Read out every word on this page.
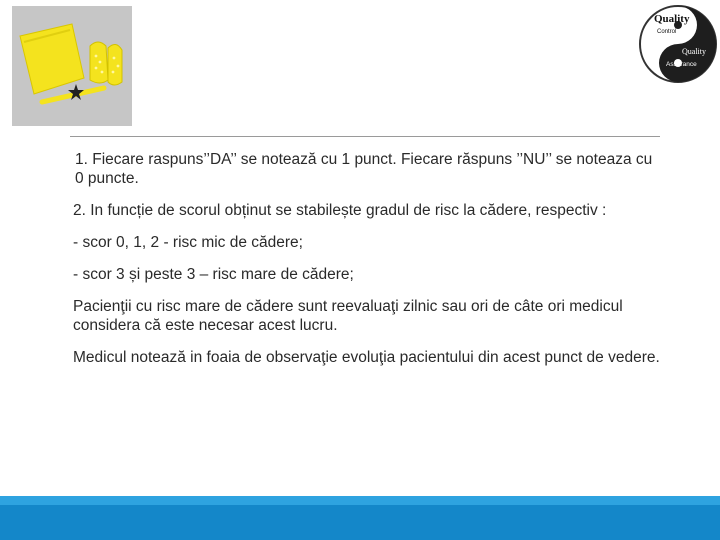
Quality
Control
Quality
Assurance

1. Fiecare raspuns’’DA’’ se notează cu 1 punct. Fiecare răspuns ’’NU’’ se noteaza cu 0 puncte.

2. In funcție de scorul obținut se stabilește gradul de risc la cădere, respectiv :

- scor 0, 1, 2 - risc mic de cădere;

- scor 3 și peste 3 – risc mare de cădere;

Pacienţii cu risc mare de cădere sunt reevaluaţi zilnic sau ori de câte ori medicul considera că este necesar acest lucru.

Medicul notează in foaia de observaţie evoluţia pacientului din acest punct de vedere.
